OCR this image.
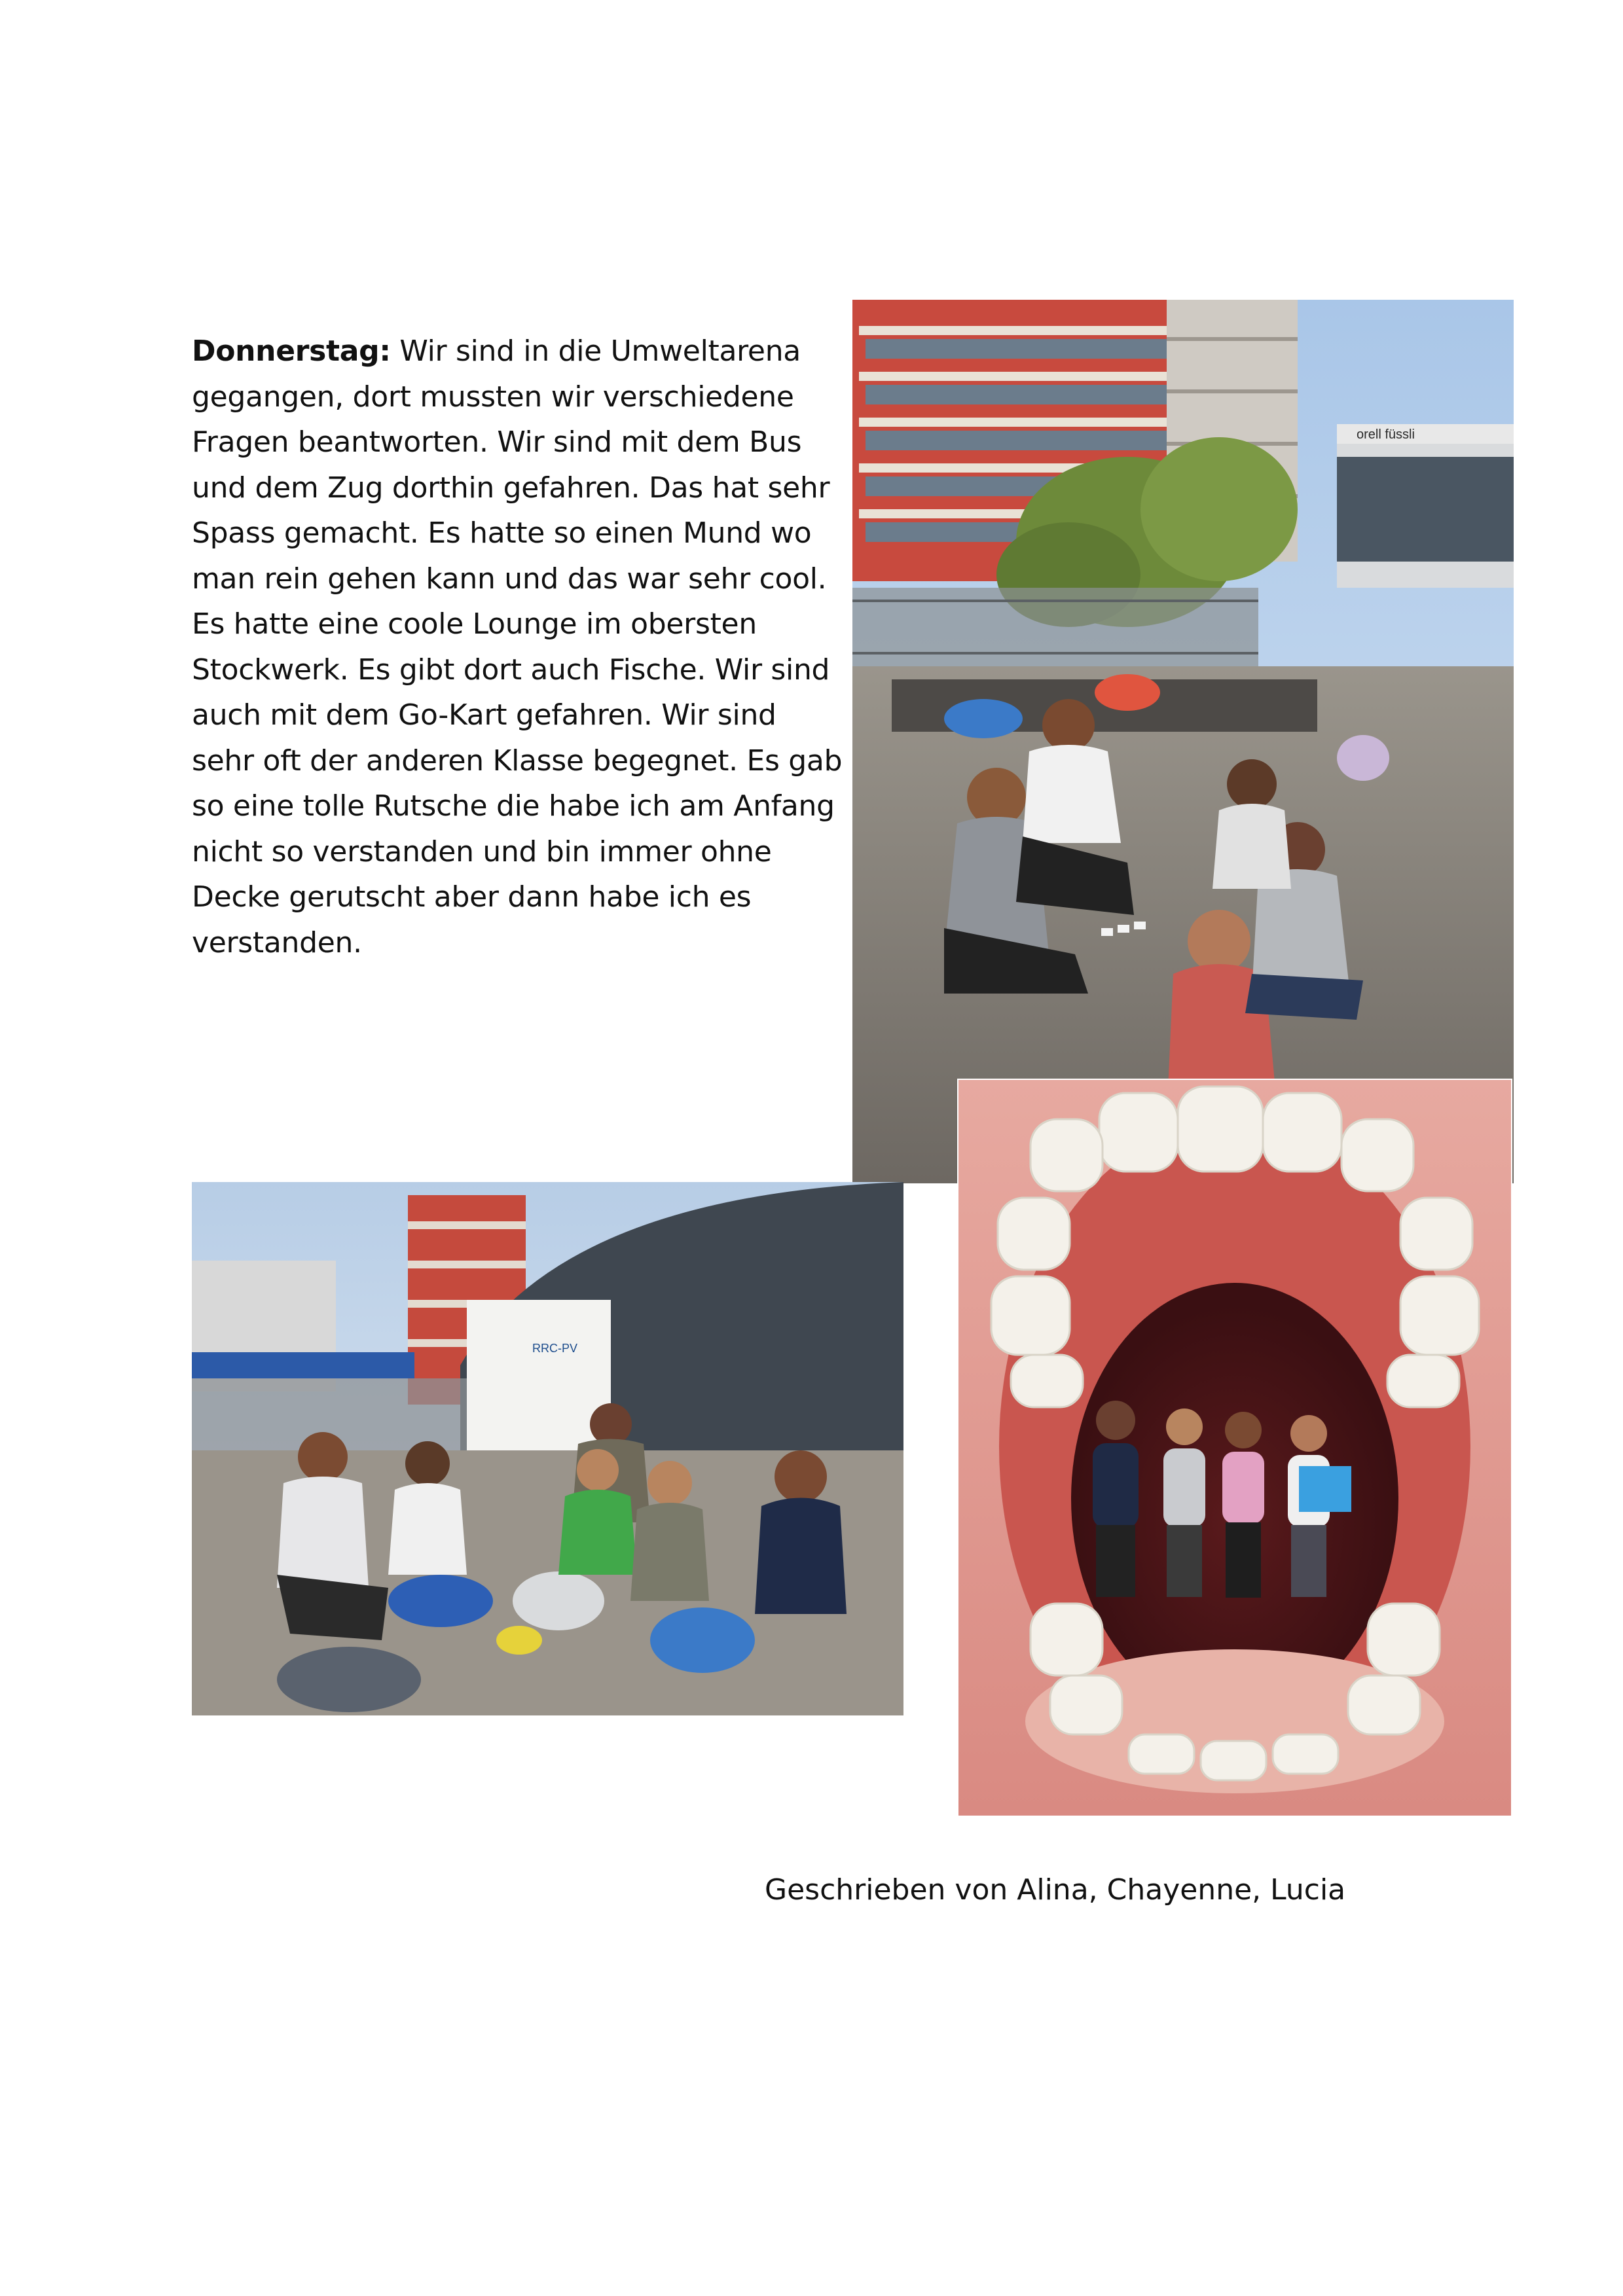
Donnerstag: Wir sind in die Umweltarena gegangen, dort mussten wir verschiedene Fragen beantworten. Wir sind mit dem Bus und dem Zug dorthin gefahren. Das hat sehr Spass gemacht. Es hatte so einen Mund wo man rein gehen kann und das war sehr cool. Es hatte eine coole Lounge im obersten Stockwerk. Es gibt dort auch Fische. Wir sind auch mit dem Go-Kart gefahren. Wir sind sehr oft der anderen Klasse begegnet. Es gab so eine tolle Rutsche die habe ich am Anfang nicht so verstanden und bin immer ohne Decke gerutscht aber dann habe ich es verstanden.

orell füssli
RRC-PV
Geschrieben von Alina, Chayenne, Lucia
